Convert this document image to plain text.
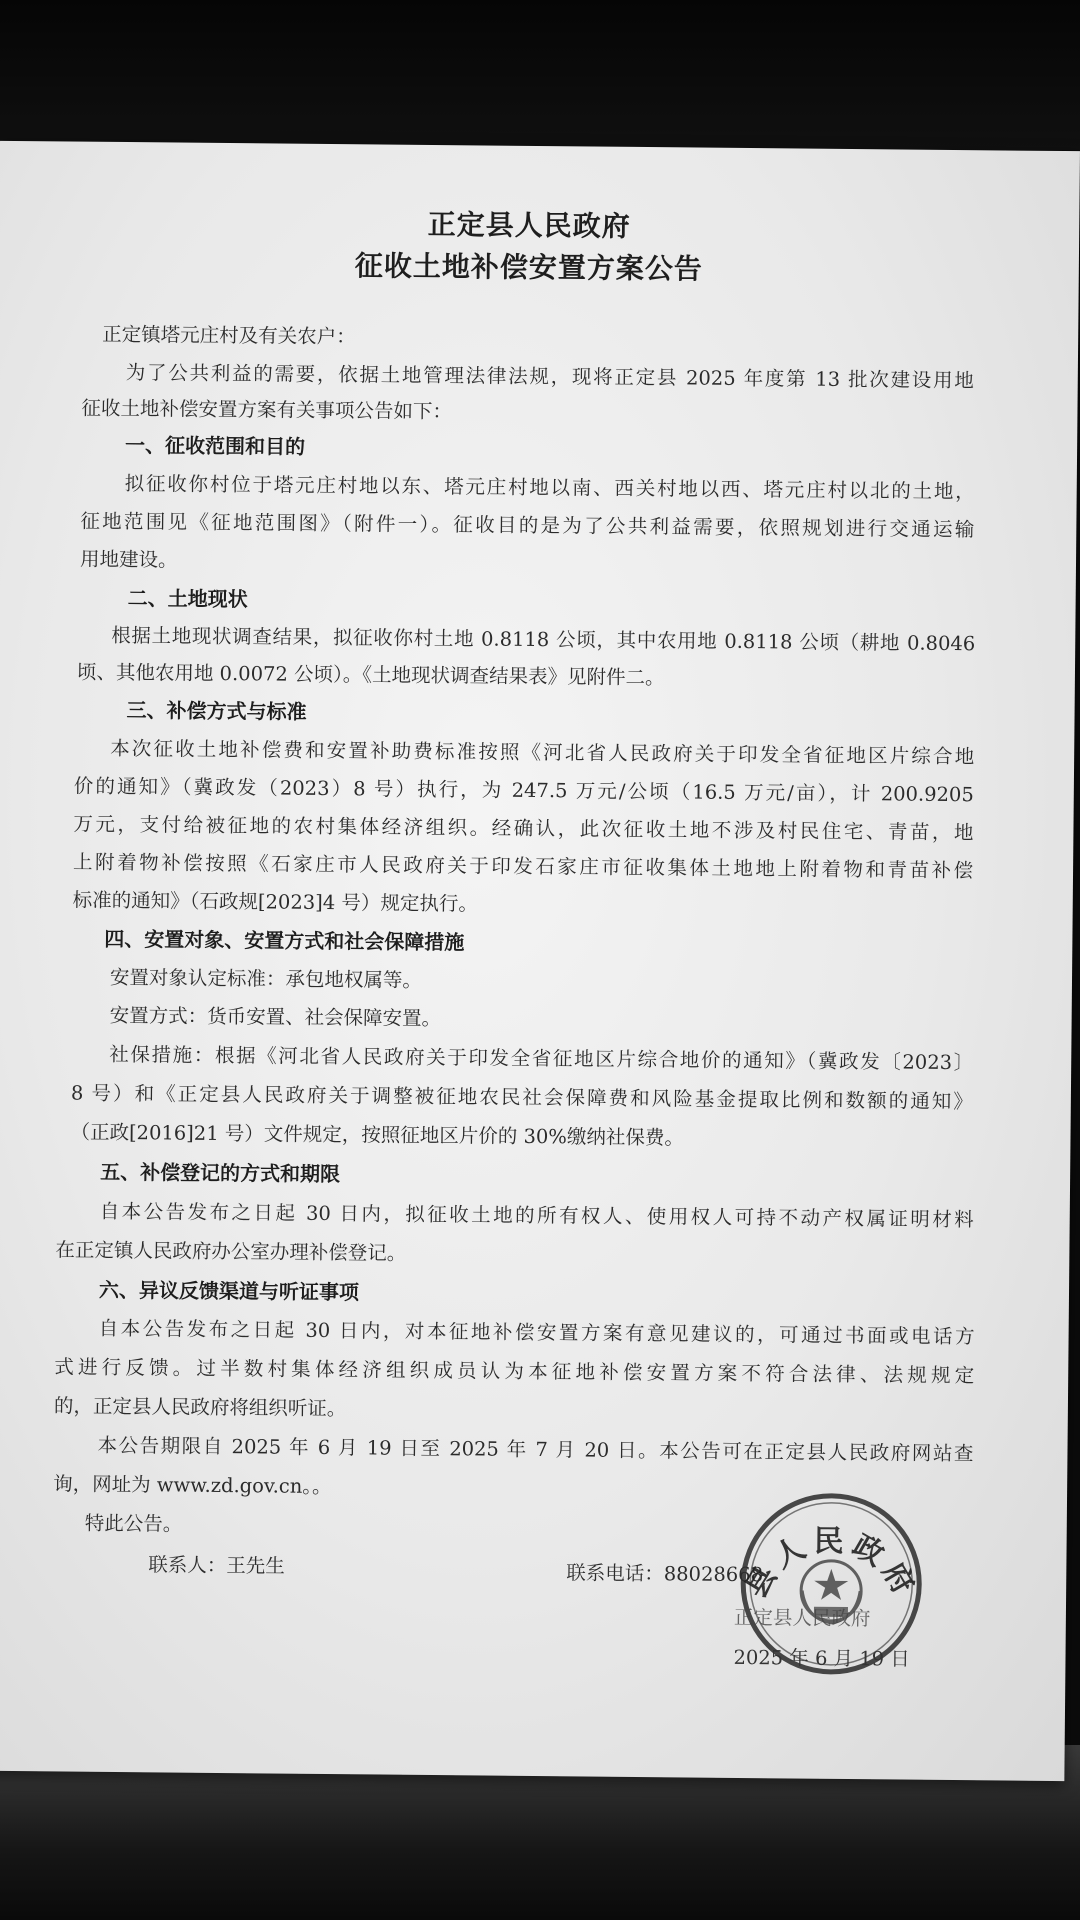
正定县人民政府
征收土地补偿安置方案公告
正定镇塔元庄村及有关农户：
为了公共利益的需要，依据土地管理法律法规，现将正定县 2025 年度第 13 批次建设用地
征收土地补偿安置方案有关事项公告如下：
一、征收范围和目的
拟征收你村位于塔元庄村地以东、塔元庄村地以南、西关村地以西、塔元庄村以北的土地，
征地范围见《征地范围图》（附件一）。征收目的是为了公共利益需要，依照规划进行交通运输
用地建设。
二、土地现状
根据土地现状调查结果，拟征收你村土地 0.8118 公顷，其中农用地 0.8118 公顷（耕地 0.8046
顷、其他农用地 0.0072 公顷）。《土地现状调查结果表》见附件二。
三、补偿方式与标准
本次征收土地补偿费和安置补助费标准按照《河北省人民政府关于印发全省征地区片综合地
价的通知》（冀政发（2023）8 号）执行，为 247.5 万元/公顷（16.5 万元/亩），计 200.9205
万元，支付给被征地的农村集体经济组织。经确认，此次征收土地不涉及村民住宅、青苗，地
上附着物补偿按照《石家庄市人民政府关于印发石家庄市征收集体土地地上附着物和青苗补偿
标准的通知》（石政规[2023]4 号）规定执行。
四、安置对象、安置方式和社会保障措施
安置对象认定标准：承包地权属等。
安置方式：货币安置、社会保障安置。
社保措施：根据《河北省人民政府关于印发全省征地区片综合地价的通知》（冀政发〔2023〕
8 号）和《正定县人民政府关于调整被征地农民社会保障费和风险基金提取比例和数额的通知》
（正政[2016]21 号）文件规定，按照征地区片价的 30%缴纳社保费。
五、补偿登记的方式和期限
自本公告发布之日起 30 日内，拟征收土地的所有权人、使用权人可持不动产权属证明材料
在正定镇人民政府办公室办理补偿登记。
六、异议反馈渠道与听证事项
自本公告发布之日起 30 日内，对本征地补偿安置方案有意见建议的，可通过书面或电话方
式进行反馈。过半数村集体经济组织成员认为本征地补偿安置方案不符合法律、法规规定
的，正定县人民政府将组织听证。
本公告期限自 2025 年 6 月 19 日至 2025 年 7 月 20 日。本公告可在正定县人民政府网站查
询，网址为 www.zd.gov.cn。。
特此公告。
联系人：王先生	联系电话：88028668
县人民政府
正定县人民政府
2025 年 6 月 19 日
